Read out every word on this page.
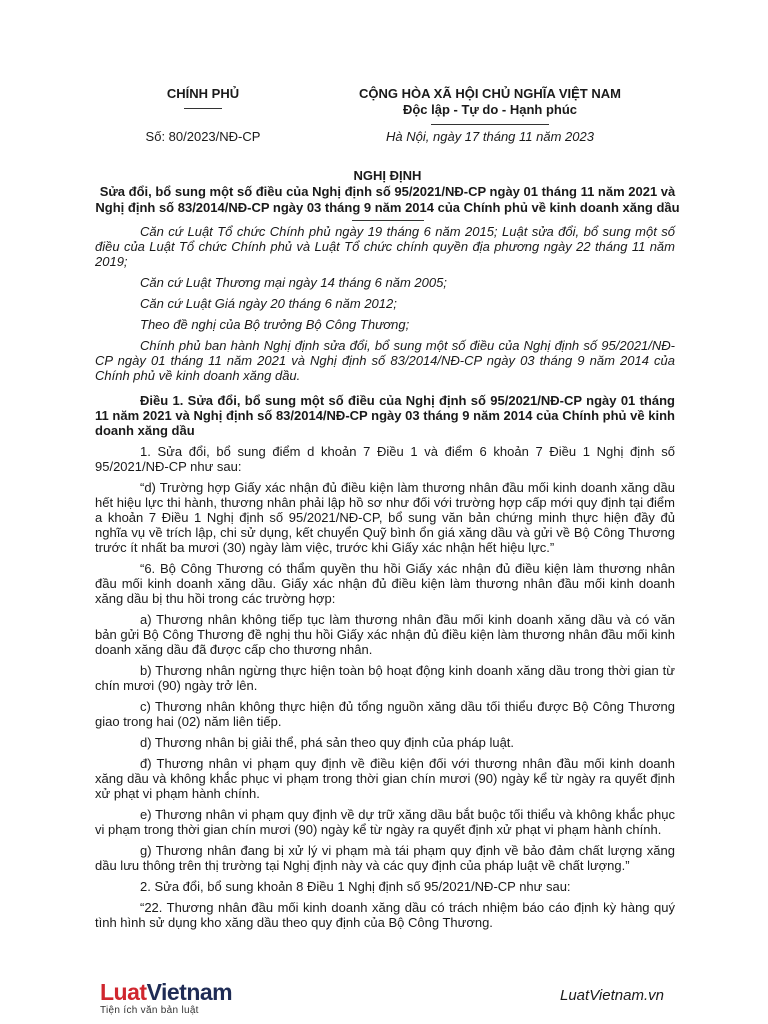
CHÍNH PHỦ	CỘNG HÒA XÃ HỘI CHỦ NGHĨA VIỆT NAM
Độc lập - Tự do - Hạnh phúc
Số: 80/2023/NĐ-CP	Hà Nội, ngày 17 tháng 11 năm 2023
NGHỊ ĐỊNH
Sửa đổi, bổ sung một số điều của Nghị định số 95/2021/NĐ-CP ngày 01 tháng 11 năm 2021 và
Nghị định số 83/2014/NĐ-CP ngày 03 tháng 9 năm 2014 của Chính phủ về kinh doanh xăng dầu

Căn cứ Luật Tổ chức Chính phủ ngày 19 tháng 6 năm 2015; Luật sửa đổi, bổ sung một số điều của Luật Tổ chức Chính phủ và Luật Tổ chức chính quyền địa phương ngày 22 tháng 11 năm 2019;

Căn cứ Luật Thương mại ngày 14 tháng 6 năm 2005;

Căn cứ Luật Giá ngày 20 tháng 6 năm 2012;

Theo đề nghị của Bộ trưởng Bộ Công Thương;

Chính phủ ban hành Nghị định sửa đổi, bổ sung một số điều của Nghị định số 95/2021/NĐ-CP ngày 01 tháng 11 năm 2021 và Nghị định số 83/2014/NĐ-CP ngày 03 tháng 9 năm 2014 của Chính phủ về kinh doanh xăng dầu.

Điều 1. Sửa đổi, bổ sung một số điều của Nghị định số 95/2021/NĐ-CP ngày 01 tháng 11 năm 2021 và Nghị định số 83/2014/NĐ-CP ngày 03 tháng 9 năm 2014 của Chính phủ về kinh doanh xăng dầu

1. Sửa đổi, bổ sung điểm d khoản 7 Điều 1 và điểm 6 khoản 7 Điều 1 Nghị định số 95/2021/NĐ-CP như sau:

“d) Trường hợp Giấy xác nhận đủ điều kiện làm thương nhân đầu mối kinh doanh xăng dầu hết hiệu lực thi hành, thương nhân phải lập hồ sơ như đối với trường hợp cấp mới quy định tại điểm a khoản 7 Điều 1 Nghị định số 95/2021/NĐ-CP, bổ sung văn bản chứng minh thực hiện đầy đủ nghĩa vụ về trích lập, chi sử dụng, kết chuyển Quỹ bình ổn giá xăng dầu và gửi về Bộ Công Thương trước ít nhất ba mươi (30) ngày làm việc, trước khi Giấy xác nhận hết hiệu lực.”

“6. Bộ Công Thương có thẩm quyền thu hồi Giấy xác nhận đủ điều kiện làm thương nhân đầu mối kinh doanh xăng dầu. Giấy xác nhận đủ điều kiện làm thương nhân đầu mối kinh doanh xăng dầu bị thu hồi trong các trường hợp:

a) Thương nhân không tiếp tục làm thương nhân đầu mối kinh doanh xăng dầu và có văn bản gửi Bộ Công Thương đề nghị thu hồi Giấy xác nhận đủ điều kiện làm thương nhân đầu mối kinh doanh xăng dầu đã được cấp cho thương nhân.

b) Thương nhân ngừng thực hiện toàn bộ hoạt động kinh doanh xăng dầu trong thời gian từ chín mươi (90) ngày trở lên.

c) Thương nhân không thực hiện đủ tổng nguồn xăng dầu tối thiểu được Bộ Công Thương giao trong hai (02) năm liên tiếp.

d) Thương nhân bị giải thể, phá sản theo quy định của pháp luật.

đ) Thương nhân vi phạm quy định về điều kiện đối với thương nhân đầu mối kinh doanh xăng dầu và không khắc phục vi phạm trong thời gian chín mươi (90) ngày kể từ ngày ra quyết định xử phạt vi phạm hành chính.

e) Thương nhân vi phạm quy định về dự trữ xăng dầu bắt buộc tối thiểu và không khắc phục vi phạm trong thời gian chín mươi (90) ngày kể từ ngày ra quyết định xử phạt vi phạm hành chính.

g) Thương nhân đang bị xử lý vi phạm mà tái phạm quy định về bảo đảm chất lượng xăng dầu lưu thông trên thị trường tại Nghị định này và các quy định của pháp luật về chất lượng.”

2. Sửa đổi, bổ sung khoản 8 Điều 1 Nghị định số 95/2021/NĐ-CP như sau:

“22. Thương nhân đầu mối kinh doanh xăng dầu có trách nhiệm báo cáo định kỳ hàng quý tình hình sử dụng kho xăng dầu theo quy định của Bộ Công Thương.

LuatVietnam
Tiện ích văn bản luật
LuatVietnam.vn
